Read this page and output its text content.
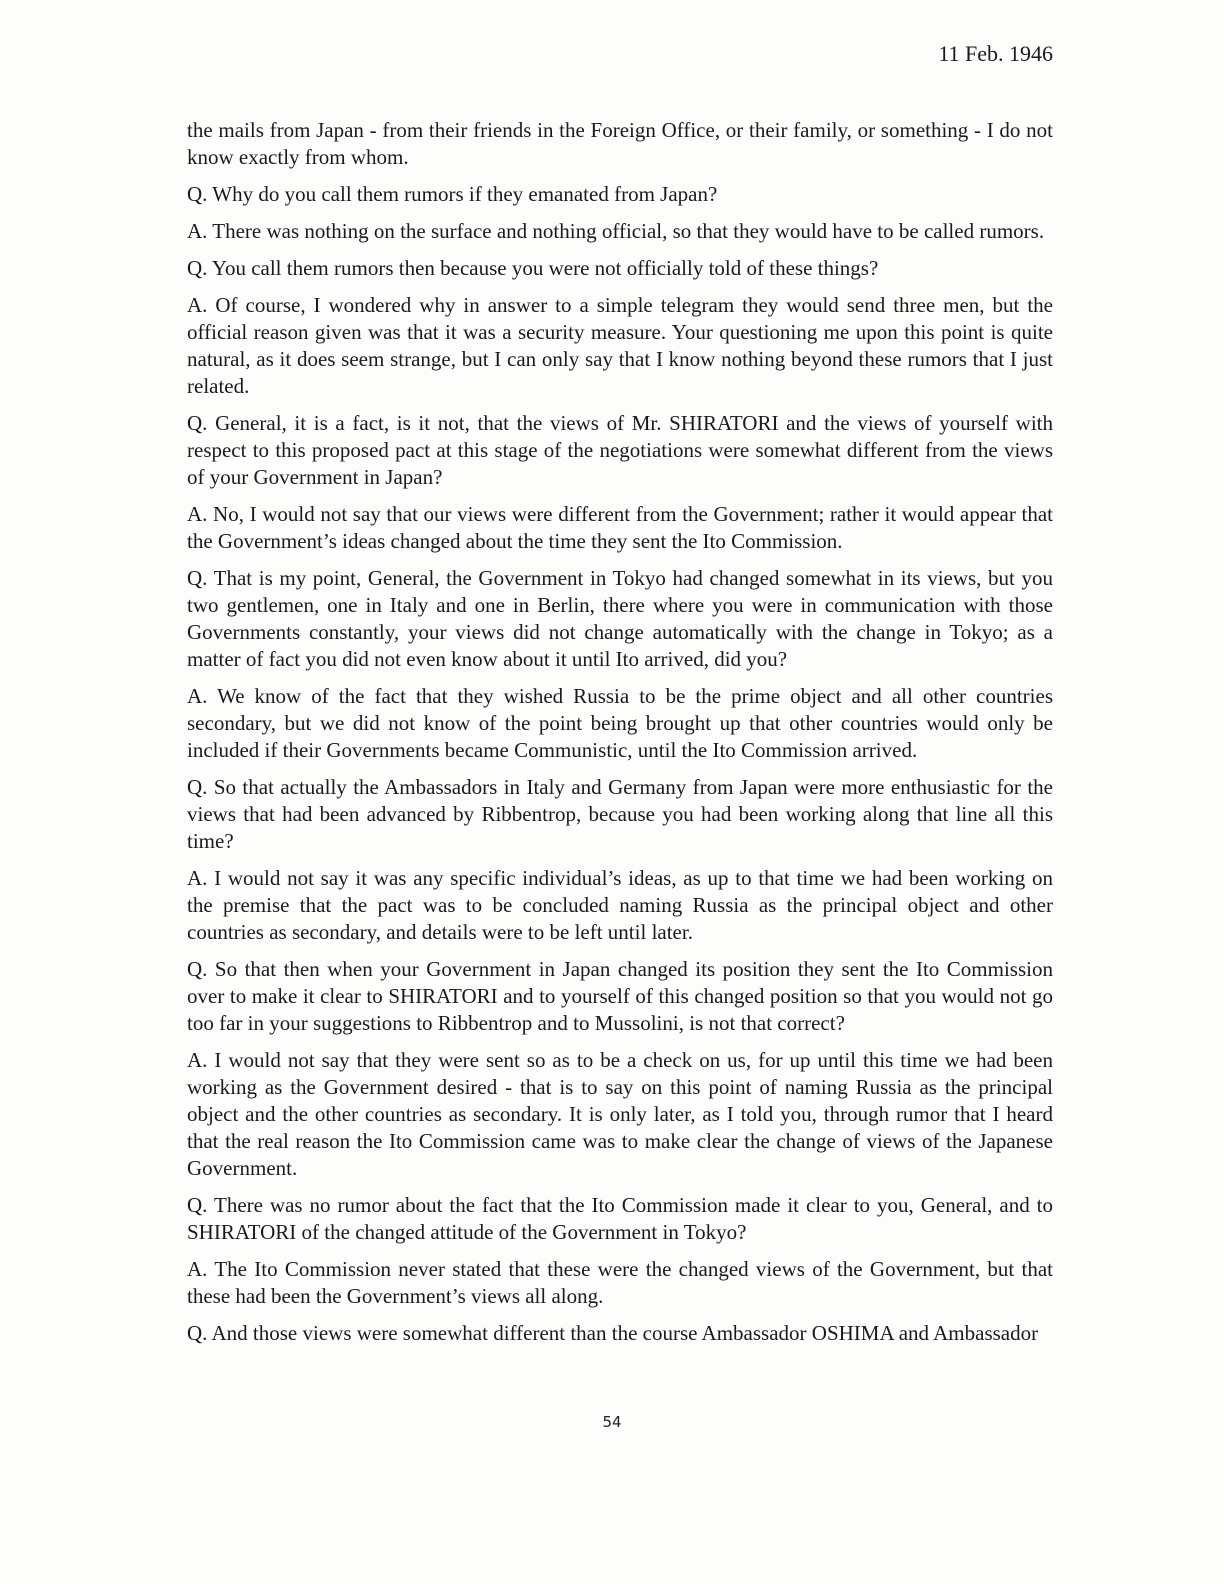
11 Feb. 1946

the mails from Japan - from their friends in the Foreign Office, or their family, or something - I do not know exactly from whom.

Q. Why do you call them rumors if they emanated from Japan?

A. There was nothing on the surface and nothing official, so that they would have to be called rumors.

Q. You call them rumors then because you were not officially told of these things?

A. Of course, I wondered why in answer to a simple telegram they would send three men, but the official reason given was that it was a security measure. Your questioning me upon this point is quite natural, as it does seem strange, but I can only say that I know nothing beyond these rumors that I just related.

Q. General, it is a fact, is it not, that the views of Mr. SHIRATORI and the views of yourself with respect to this proposed pact at this stage of the negotiations were somewhat different from the views of your Government in Japan?

A. No, I would not say that our views were different from the Government; rather it would appear that the Government’s ideas changed about the time they sent the Ito Commission.

Q. That is my point, General, the Government in Tokyo had changed somewhat in its views, but you two gentlemen, one in Italy and one in Berlin, there where you were in communication with those Governments constantly, your views did not change automatically with the change in Tokyo; as a matter of fact you did not even know about it until Ito arrived, did you?

A. We know of the fact that they wished Russia to be the prime object and all other countries secondary, but we did not know of the point being brought up that other countries would only be included if their Governments became Communistic, until the Ito Commission arrived.

Q. So that actually the Ambassadors in Italy and Germany from Japan were more enthusiastic for the views that had been advanced by Ribbentrop, because you had been working along that line all this time?

A. I would not say it was any specific individual’s ideas, as up to that time we had been working on the premise that the pact was to be concluded naming Russia as the principal object and other countries as secondary, and details were to be left until later.

Q. So that then when your Government in Japan changed its position they sent the Ito Commission over to make it clear to SHIRATORI and to yourself of this changed position so that you would not go too far in your suggestions to Ribbentrop and to Mussolini, is not that correct?

A. I would not say that they were sent so as to be a check on us, for up until this time we had been working as the Government desired - that is to say on this point of naming Russia as the principal object and the other countries as secondary. It is only later, as I told you, through rumor that I heard that the real reason the Ito Commission came was to make clear the change of views of the Japanese Government.

Q. There was no rumor about the fact that the Ito Commission made it clear to you, General, and to SHIRATORI of the changed attitude of the Government in Tokyo?

A. The Ito Commission never stated that these were the changed views of the Government, but that these had been the Government’s views all along.

Q. And those views were somewhat different than the course Ambassador OSHIMA and Ambassador

54
